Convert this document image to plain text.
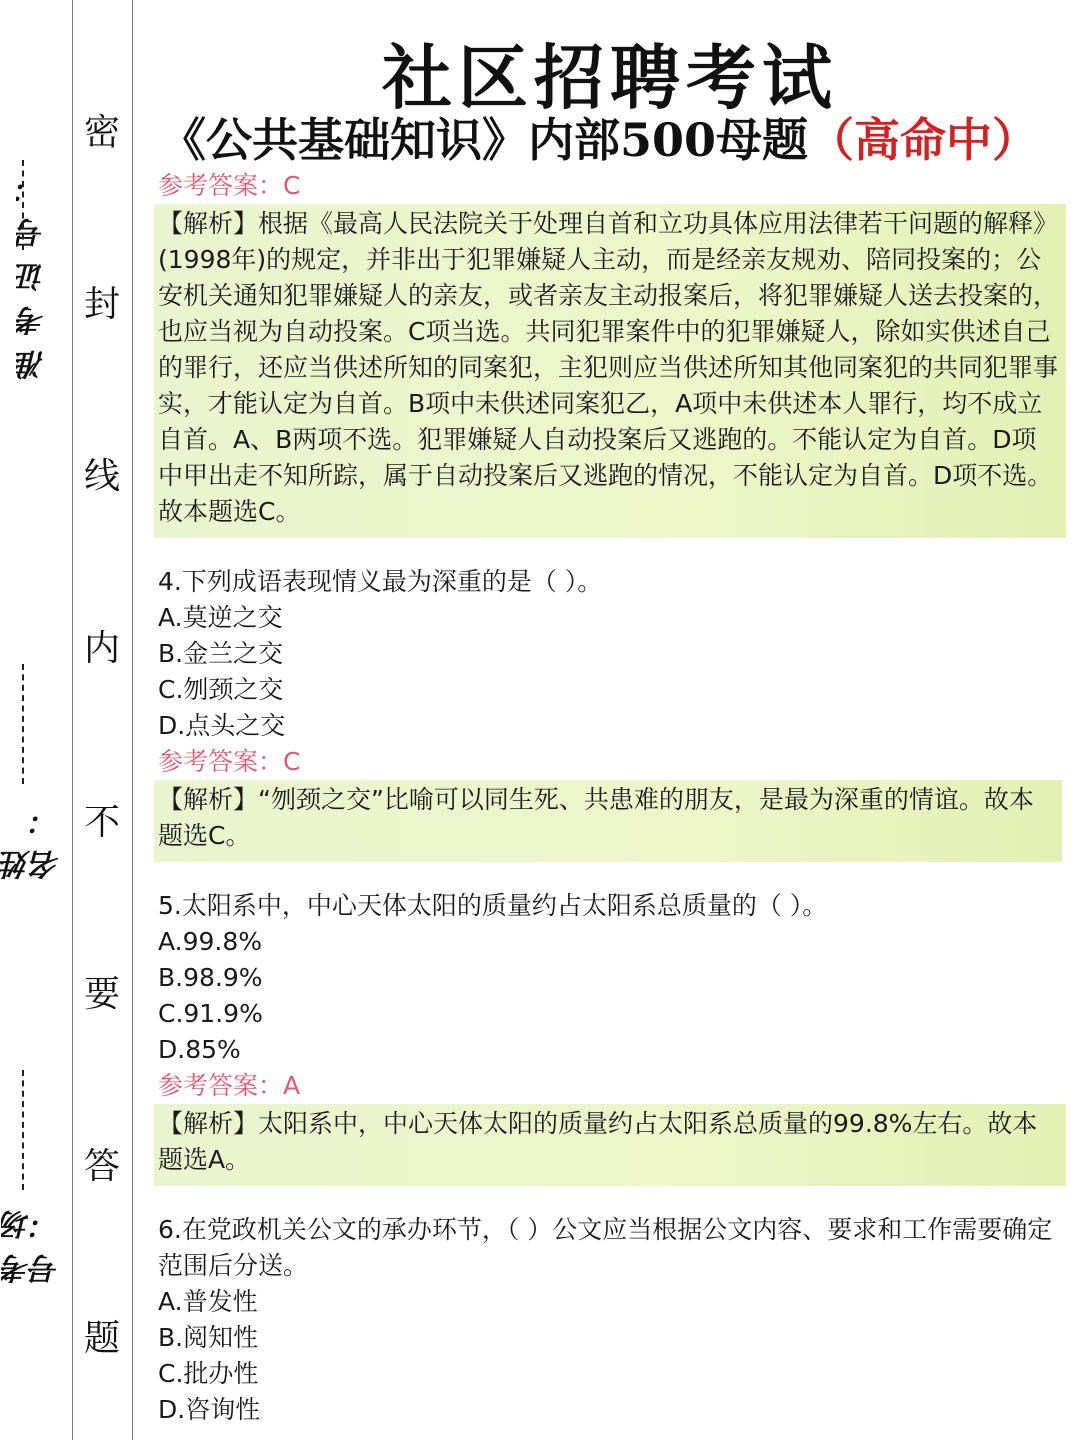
准考证号：
姓名：
考场号：
密
封
线
内
不
要
答
题
社区招聘考试
《公共基础知识》内部500母题（高命中）
参考答案：C
【解析】根据《最高人民法院关于处理自首和立功具体应用法律若干问题的解释》(1998年)的规定，并非出于犯罪嫌疑人主动，而是经亲友规劝、陪同投案的；公安机关通知犯罪嫌疑人的亲友，或者亲友主动报案后，将犯罪嫌疑人送去投案的，也应当视为自动投案。C项当选。共同犯罪案件中的犯罪嫌疑人，除如实供述自己的罪行，还应当供述所知的同案犯，主犯则应当供述所知其他同案犯的共同犯罪事实，才能认定为自首。B项中未供述同案犯乙，A项中未供述本人罪行，均不成立自首。A、B两项不选。犯罪嫌疑人自动投案后又逃跑的。不能认定为自首。D项中甲出走不知所踪，属于自动投案后又逃跑的情况，不能认定为自首。D项不选。故本题选C。
4.下列成语表现情义最为深重的是（ ）。
A.莫逆之交
B.金兰之交
C.刎颈之交
D.点头之交
参考答案：C
【解析】“刎颈之交”比喻可以同生死、共患难的朋友，是最为深重的情谊。故本题选C。
5.太阳系中，中心天体太阳的质量约占太阳系总质量的（ ）。
A.99.8%
B.98.9%
C.91.9%
D.85%
参考答案：A
【解析】太阳系中，中心天体太阳的质量约占太阳系总质量的99.8%左右。故本题选A。
6.在党政机关公文的承办环节，（ ）公文应当根据公文内容、要求和工作需要确定范围后分送。
A.普发性
B.阅知性
C.批办性
D.咨询性
